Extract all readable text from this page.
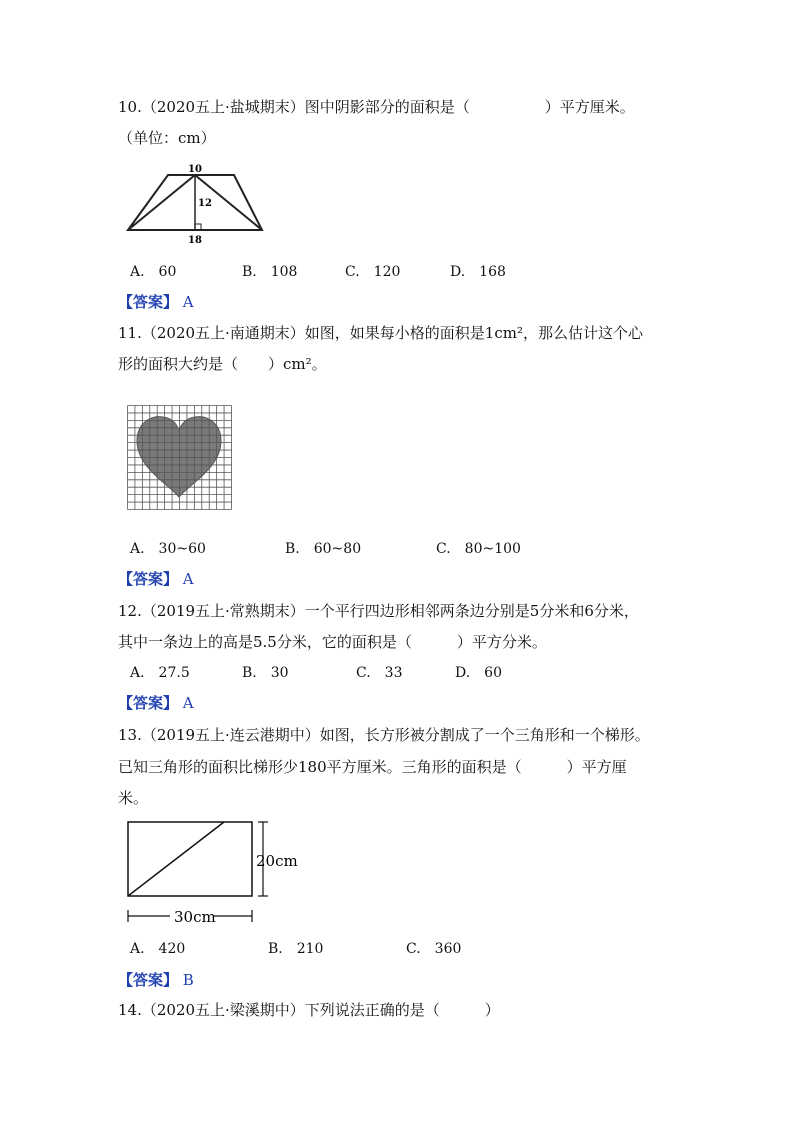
10.（2020五上·盐城期末）图中阴影部分的面积是（　　　　　）平方厘米。
（单位：cm）
10
12
18
A.　60	B.　108	C.　120	D.　168
【答案】 A
11.（2020五上·南通期末）如图，如果每小格的面积是1cm²，那么估计这个心
形的面积大约是（　　）cm²。
A.　30~60	B.　60~80	C.　80~100
【答案】 A
12.（2019五上·常熟期末）一个平行四边形相邻两条边分别是5分米和6分米，
其中一条边上的高是5.5分米，它的面积是（　　　）平方分米。
A.　27.5	B.　30	C.　33	D.　60
【答案】 A
13.（2019五上·连云港期中）如图，长方形被分割成了一个三角形和一个梯形。
已知三角形的面积比梯形少180平方厘米。三角形的面积是（　　　）平方厘
米。
20cm
30cm
A.　420	B.　210	C.　360
【答案】 B
14.（2020五上·梁溪期中）下列说法正确的是（　　　）
